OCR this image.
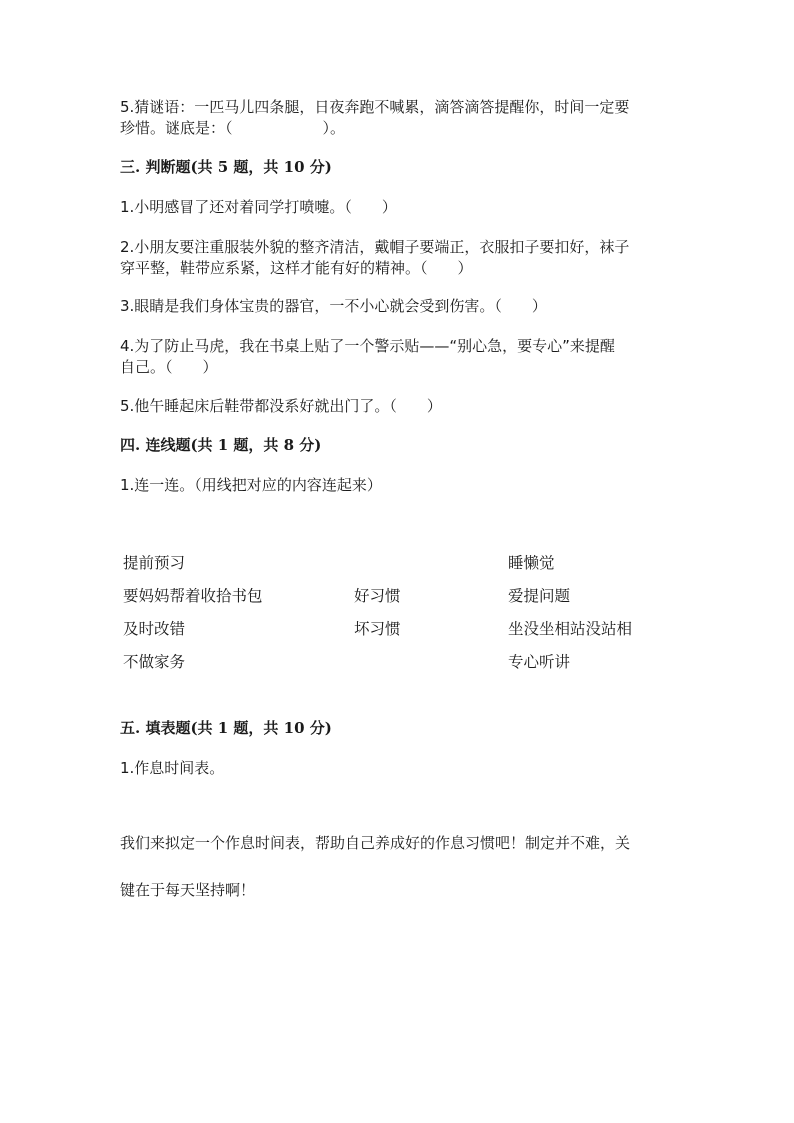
5.猜谜语：一匹马儿四条腿，日夜奔跑不喊累，滴答滴答提醒你，时间一定要
珍惜。谜底是：（　　　　　　）。
三. 判断题(共 5 题，共 10 分)
1.小明感冒了还对着同学打喷嚏。（　　）
2.小朋友要注重服装外貌的整齐清洁，戴帽子要端正，衣服扣子要扣好，袜子
穿平整，鞋带应系紧，这样才能有好的精神。（　　）
3.眼睛是我们身体宝贵的器官，一不小心就会受到伤害。（　　）
4.为了防止马虎，我在书桌上贴了一个警示贴——“别心急，要专心”来提醒
自己。（　　）
5.他午睡起床后鞋带都没系好就出门了。（　　）
四. 连线题(共 1 题，共 8 分)
1.连一连。（用线把对应的内容连起来）
提前预习
要妈妈帮着收拾书包
及时改错
不做家务
好习惯
坏习惯
睡懒觉
爱提问题
坐没坐相站没站相
专心听讲
五. 填表题(共 1 题，共 10 分)
1.作息时间表。
我们来拟定一个作息时间表，帮助自己养成好的作息习惯吧！制定并不难，关
键在于每天坚持啊！
